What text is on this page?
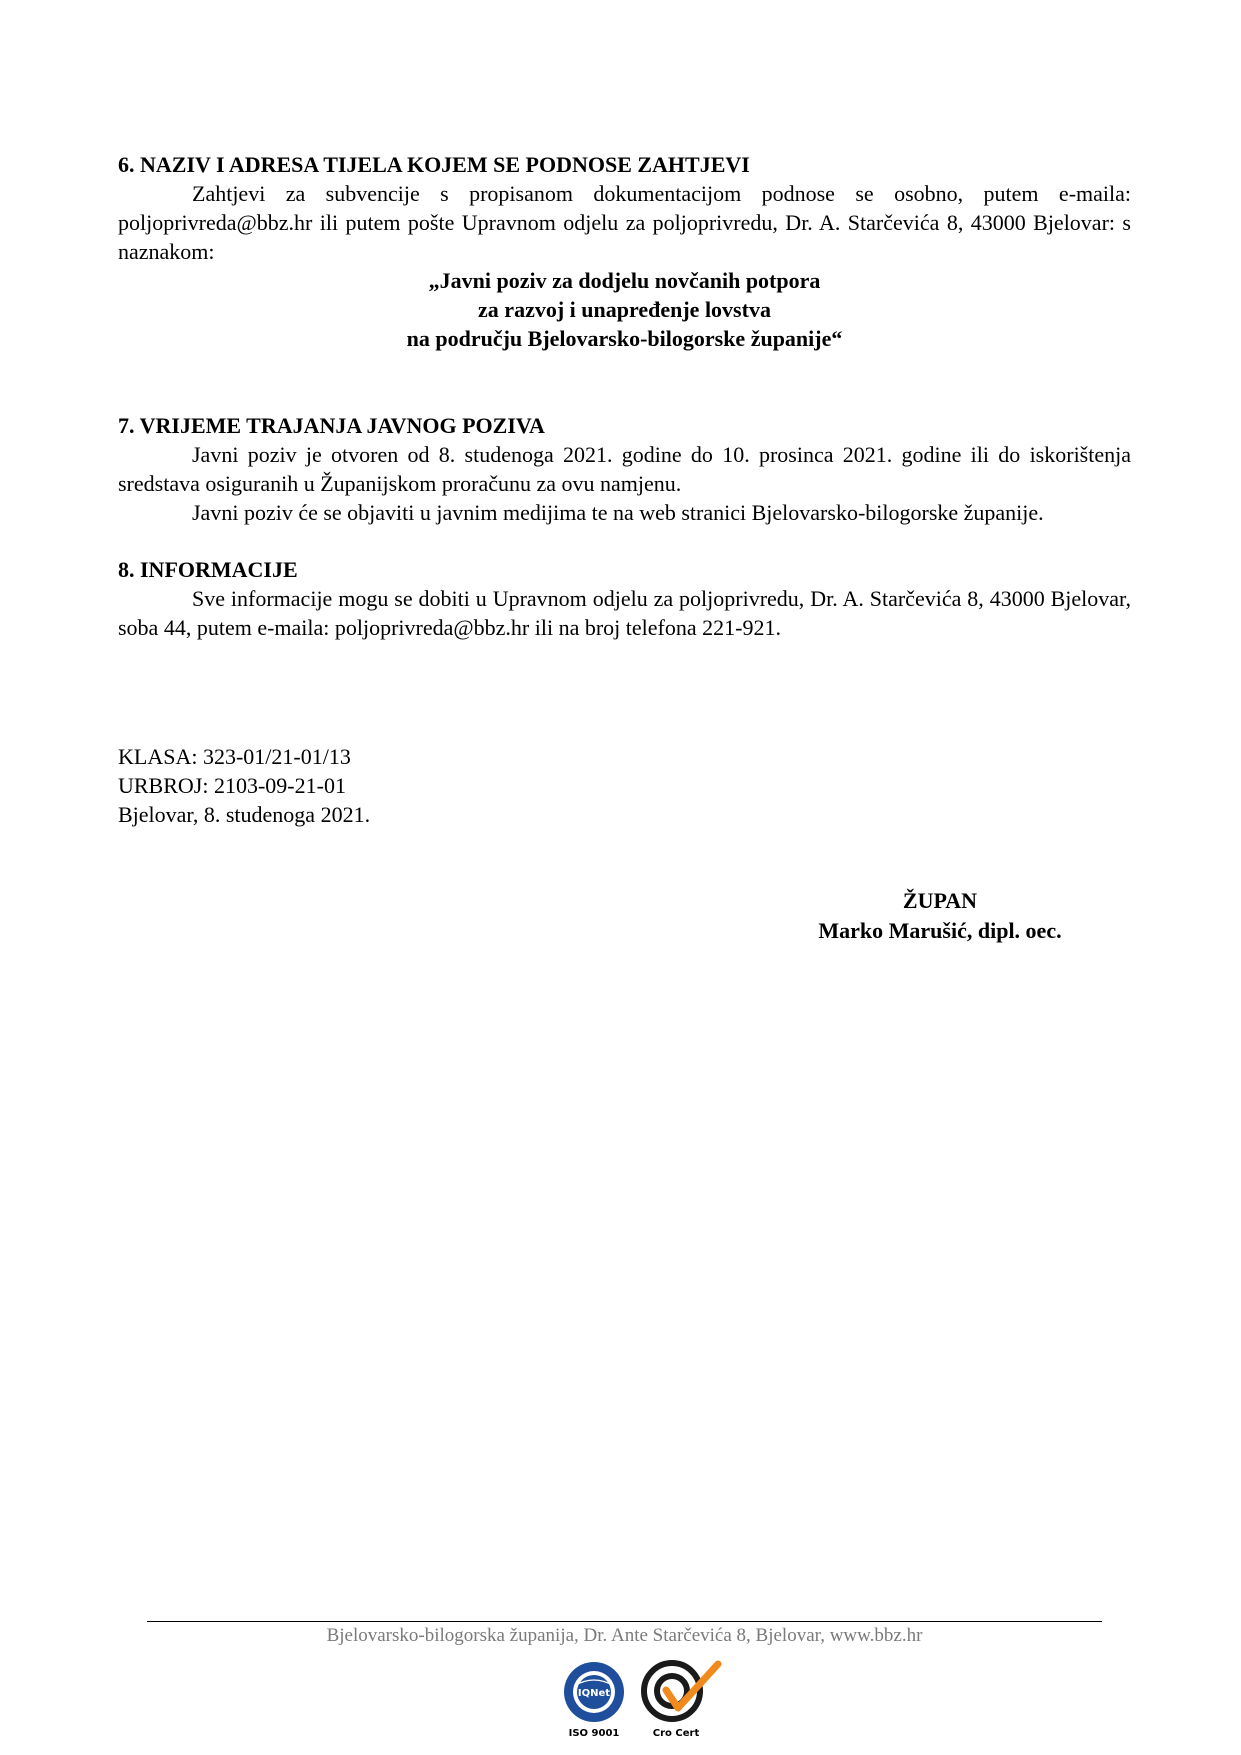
6. NAZIV I ADRESA TIJELA KOJEM SE PODNOSE ZAHTJEVI

Zahtjevi za subvencije s propisanom dokumentacijom podnose se osobno, putem e-maila: poljoprivreda@bbz.hr ili putem pošte Upravnom odjelu za poljoprivredu, Dr. A. Starčevića 8, 43000 Bjelovar: s naznakom:

„Javni poziv za dodjelu novčanih potpora
za razvoj i unapređenje lovstva
na području Bjelovarsko-bilogorske županije“

7. VRIJEME TRAJANJA JAVNOG POZIVA

Javni poziv je otvoren od 8. studenoga 2021. godine do 10. prosinca 2021. godine ili do iskorištenja sredstava osiguranih u Županijskom proračunu za ovu namjenu.

Javni poziv će se objaviti u javnim medijima te na web stranici Bjelovarsko-bilogorske županije.

8. INFORMACIJE

Sve informacije mogu se dobiti u Upravnom odjelu za poljoprivredu, Dr. A. Starčevića 8, 43000 Bjelovar, soba 44, putem e-maila: poljoprivreda@bbz.hr ili na broj telefona 221-921.

KLASA: 323-01/21-01/13
URBROJ: 2103-09-21-01
Bjelovar, 8. studenoga 2021.
ŽUPAN
Marko Marušić, dipl. oec.
Bjelovarsko-bilogorska županija, Dr. Ante Starčevića 8, Bjelovar, www.bbz.hr
IQNet
ISO 9001	Cro Cert
